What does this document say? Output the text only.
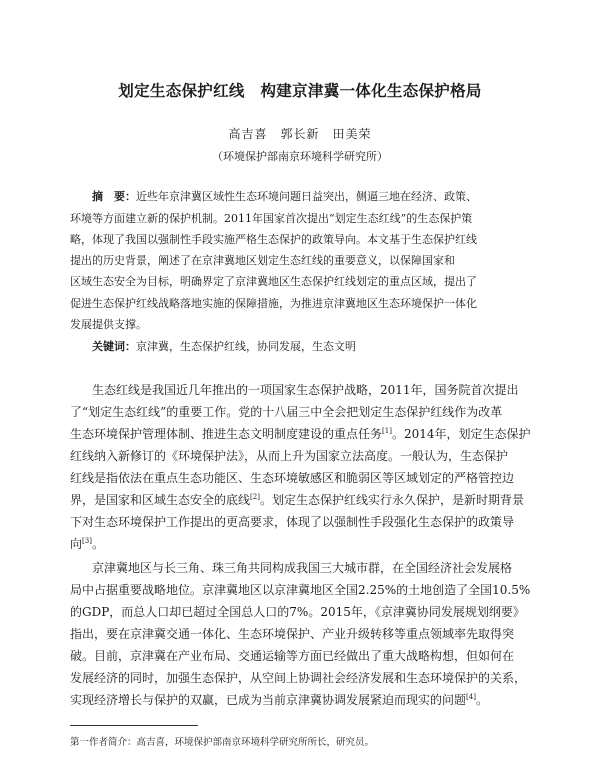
划定生态保护红线　构建京津冀一体化生态保护格局
高吉喜　郭长新　田美荣
（环境保护部南京环境科学研究所）
摘　要：近些年京津冀区域性生态环境问题日益突出，侧逼三地在经济、政策、
环境等方面建立新的保护机制。2011年国家首次提出“划定生态红线”的生态保护策
略，体现了我国以强制性手段实施严格生态保护的政策导向。本文基于生态保护红线
提出的历史背景，阐述了在京津冀地区划定生态红线的重要意义，以保障国家和
区域生态安全为目标，明确界定了京津冀地区生态保护红线划定的重点区域，提出了
促进生态保护红线战略落地实施的保障措施，为推进京津冀地区生态环境保护一体化
发展提供支撑。
关键词：京津冀，生态保护红线，协同发展，生态文明
生态红线是我国近几年推出的一项国家生态保护战略，2011年，国务院首次提出
了“划定生态红线”的重要工作。党的十八届三中全会把划定生态保护红线作为改革
生态环境保护管理体制、推进生态文明制度建设的重点任务[1]。2014年，划定生态保护
红线纳入新修订的《环境保护法》，从而上升为国家立法高度。一般认为，生态保护
红线是指依法在重点生态功能区、生态环境敏感区和脆弱区等区域划定的严格管控边
界，是国家和区域生态安全的底线[2]。划定生态保护红线实行永久保护，是新时期背景
下对生态环境保护工作提出的更高要求，体现了以强制性手段强化生态保护的政策导
向[3]。
京津冀地区与长三角、珠三角共同构成我国三大城市群，在全国经济社会发展格
局中占据重要战略地位。京津冀地区以京津冀地区全国2.25%的土地创造了全国10.5%
的GDP，而总人口却已超过全国总人口的7%。2015年，《京津冀协同发展规划纲要》
指出，要在京津冀交通一体化、生态环境保护、产业升级转移等重点领域率先取得突
破。目前，京津冀在产业布局、交通运输等方面已经做出了重大战略构想，但如何在
发展经济的同时，加强生态保护，从空间上协调社会经济发展和生态环境保护的关系，
实现经济增长与保护的双赢，已成为当前京津冀协调发展紧迫而现实的问题[4]。
第一作者简介：高吉喜，环境保护部南京环境科学研究所所长，研究员。
